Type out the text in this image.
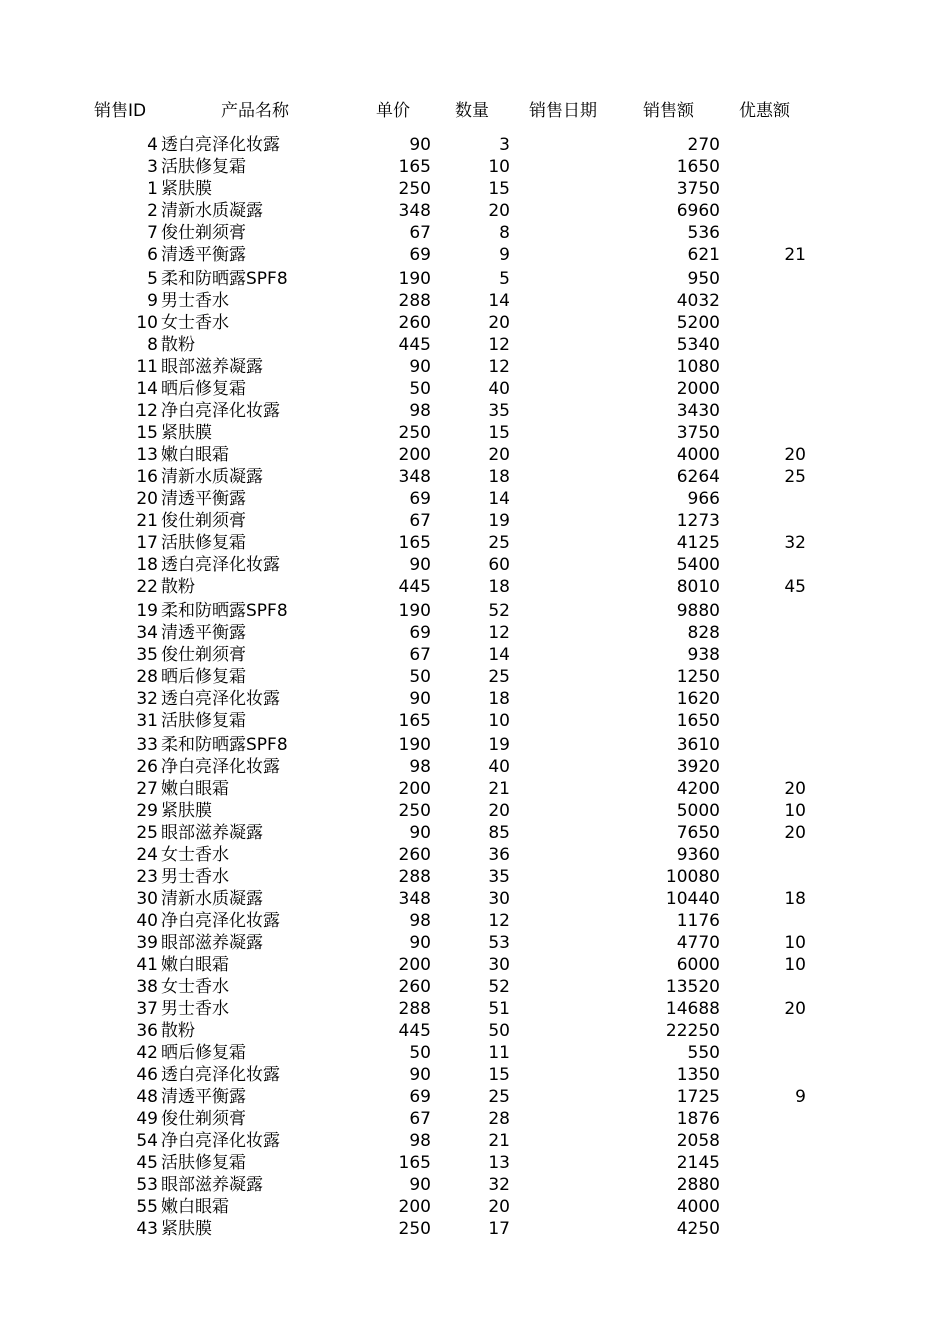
销售ID	产品名称	单价	数量 销售日期	销售额	优惠额
4 透白亮泽化妆露	90	3	270
3 活肤修复霜	165	10	1650
1 紧肤膜	250	15	3750
2 清新水质凝露	348	20	6960
7 俊仕剃须膏	67	8	536
6 清透平衡露	69	9	621	21
5 柔和防晒露SPF8	190	5	950
9 男士香水	288	14	4032
10 女士香水	260	20	5200
8 散粉	445	12	5340
11 眼部滋养凝露	90	12	1080
14 晒后修复霜	50	40	2000
12 净白亮泽化妆露	98	35	3430
15 紧肤膜	250	15	3750
13 嫩白眼霜	200	20	4000	20
16 清新水质凝露	348	18	6264	25
20 清透平衡露	69	14	966
21 俊仕剃须膏	67	19	1273
17 活肤修复霜	165	25	4125	32
18 透白亮泽化妆露	90	60	5400
22 散粉	445	18	8010	45
19 柔和防晒露SPF8	190	52	9880
34 清透平衡露	69	12	828
35 俊仕剃须膏	67	14	938
28 晒后修复霜	50	25	1250
32 透白亮泽化妆露	90	18	1620
31 活肤修复霜	165	10	1650
33 柔和防晒露SPF8	190	19	3610
26 净白亮泽化妆露	98	40	3920
27 嫩白眼霜	200	21	4200	20
29 紧肤膜	250	20	5000	10
25 眼部滋养凝露	90	85	7650	20
24 女士香水	260	36	9360
23 男士香水	288	35	10080
30 清新水质凝露	348	30	10440	18
40 净白亮泽化妆露	98	12	1176
39 眼部滋养凝露	90	53	4770	10
41 嫩白眼霜	200	30	6000	10
38 女士香水	260	52	13520
37 男士香水	288	51	14688	20
36 散粉	445	50	22250
42 晒后修复霜	50	11	550
46 透白亮泽化妆露	90	15	1350
48 清透平衡露	69	25	1725	9
49 俊仕剃须膏	67	28	1876
54 净白亮泽化妆露	98	21	2058
45 活肤修复霜	165	13	2145
53 眼部滋养凝露	90	32	2880
55 嫩白眼霜	200	20	4000
43 紧肤膜	250	17	4250
